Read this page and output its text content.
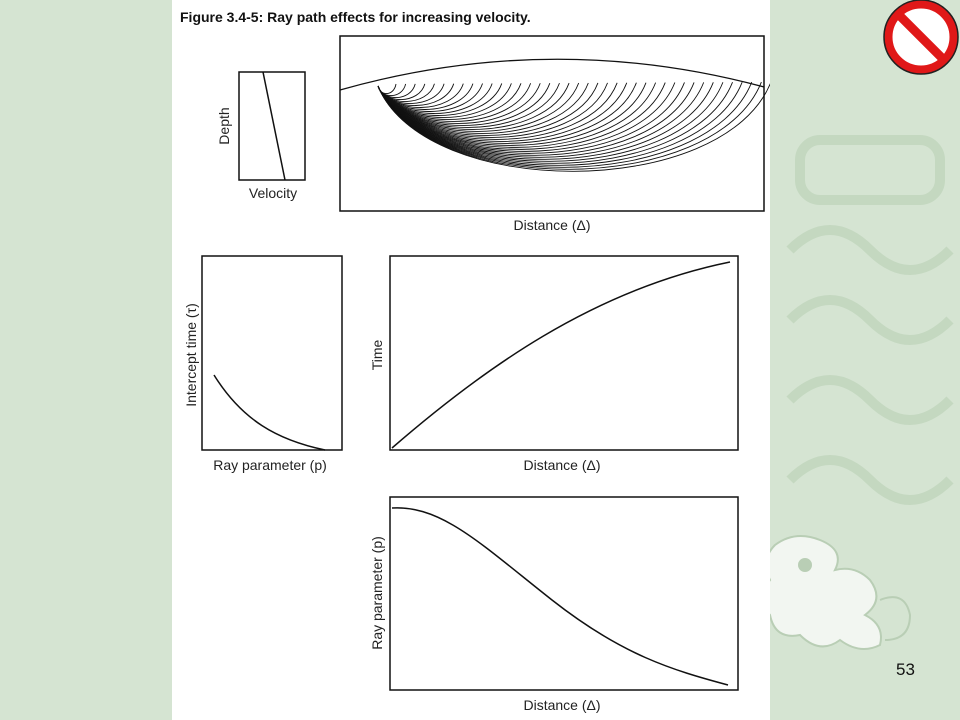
Figure 3.4-5: Ray path effects for increasing velocity.
Depth
Velocity
Distance (Δ)
Intercept time (τ)
Ray parameter (p)
Time
Distance (Δ)
Ray parameter (p)
Distance (Δ)
53
